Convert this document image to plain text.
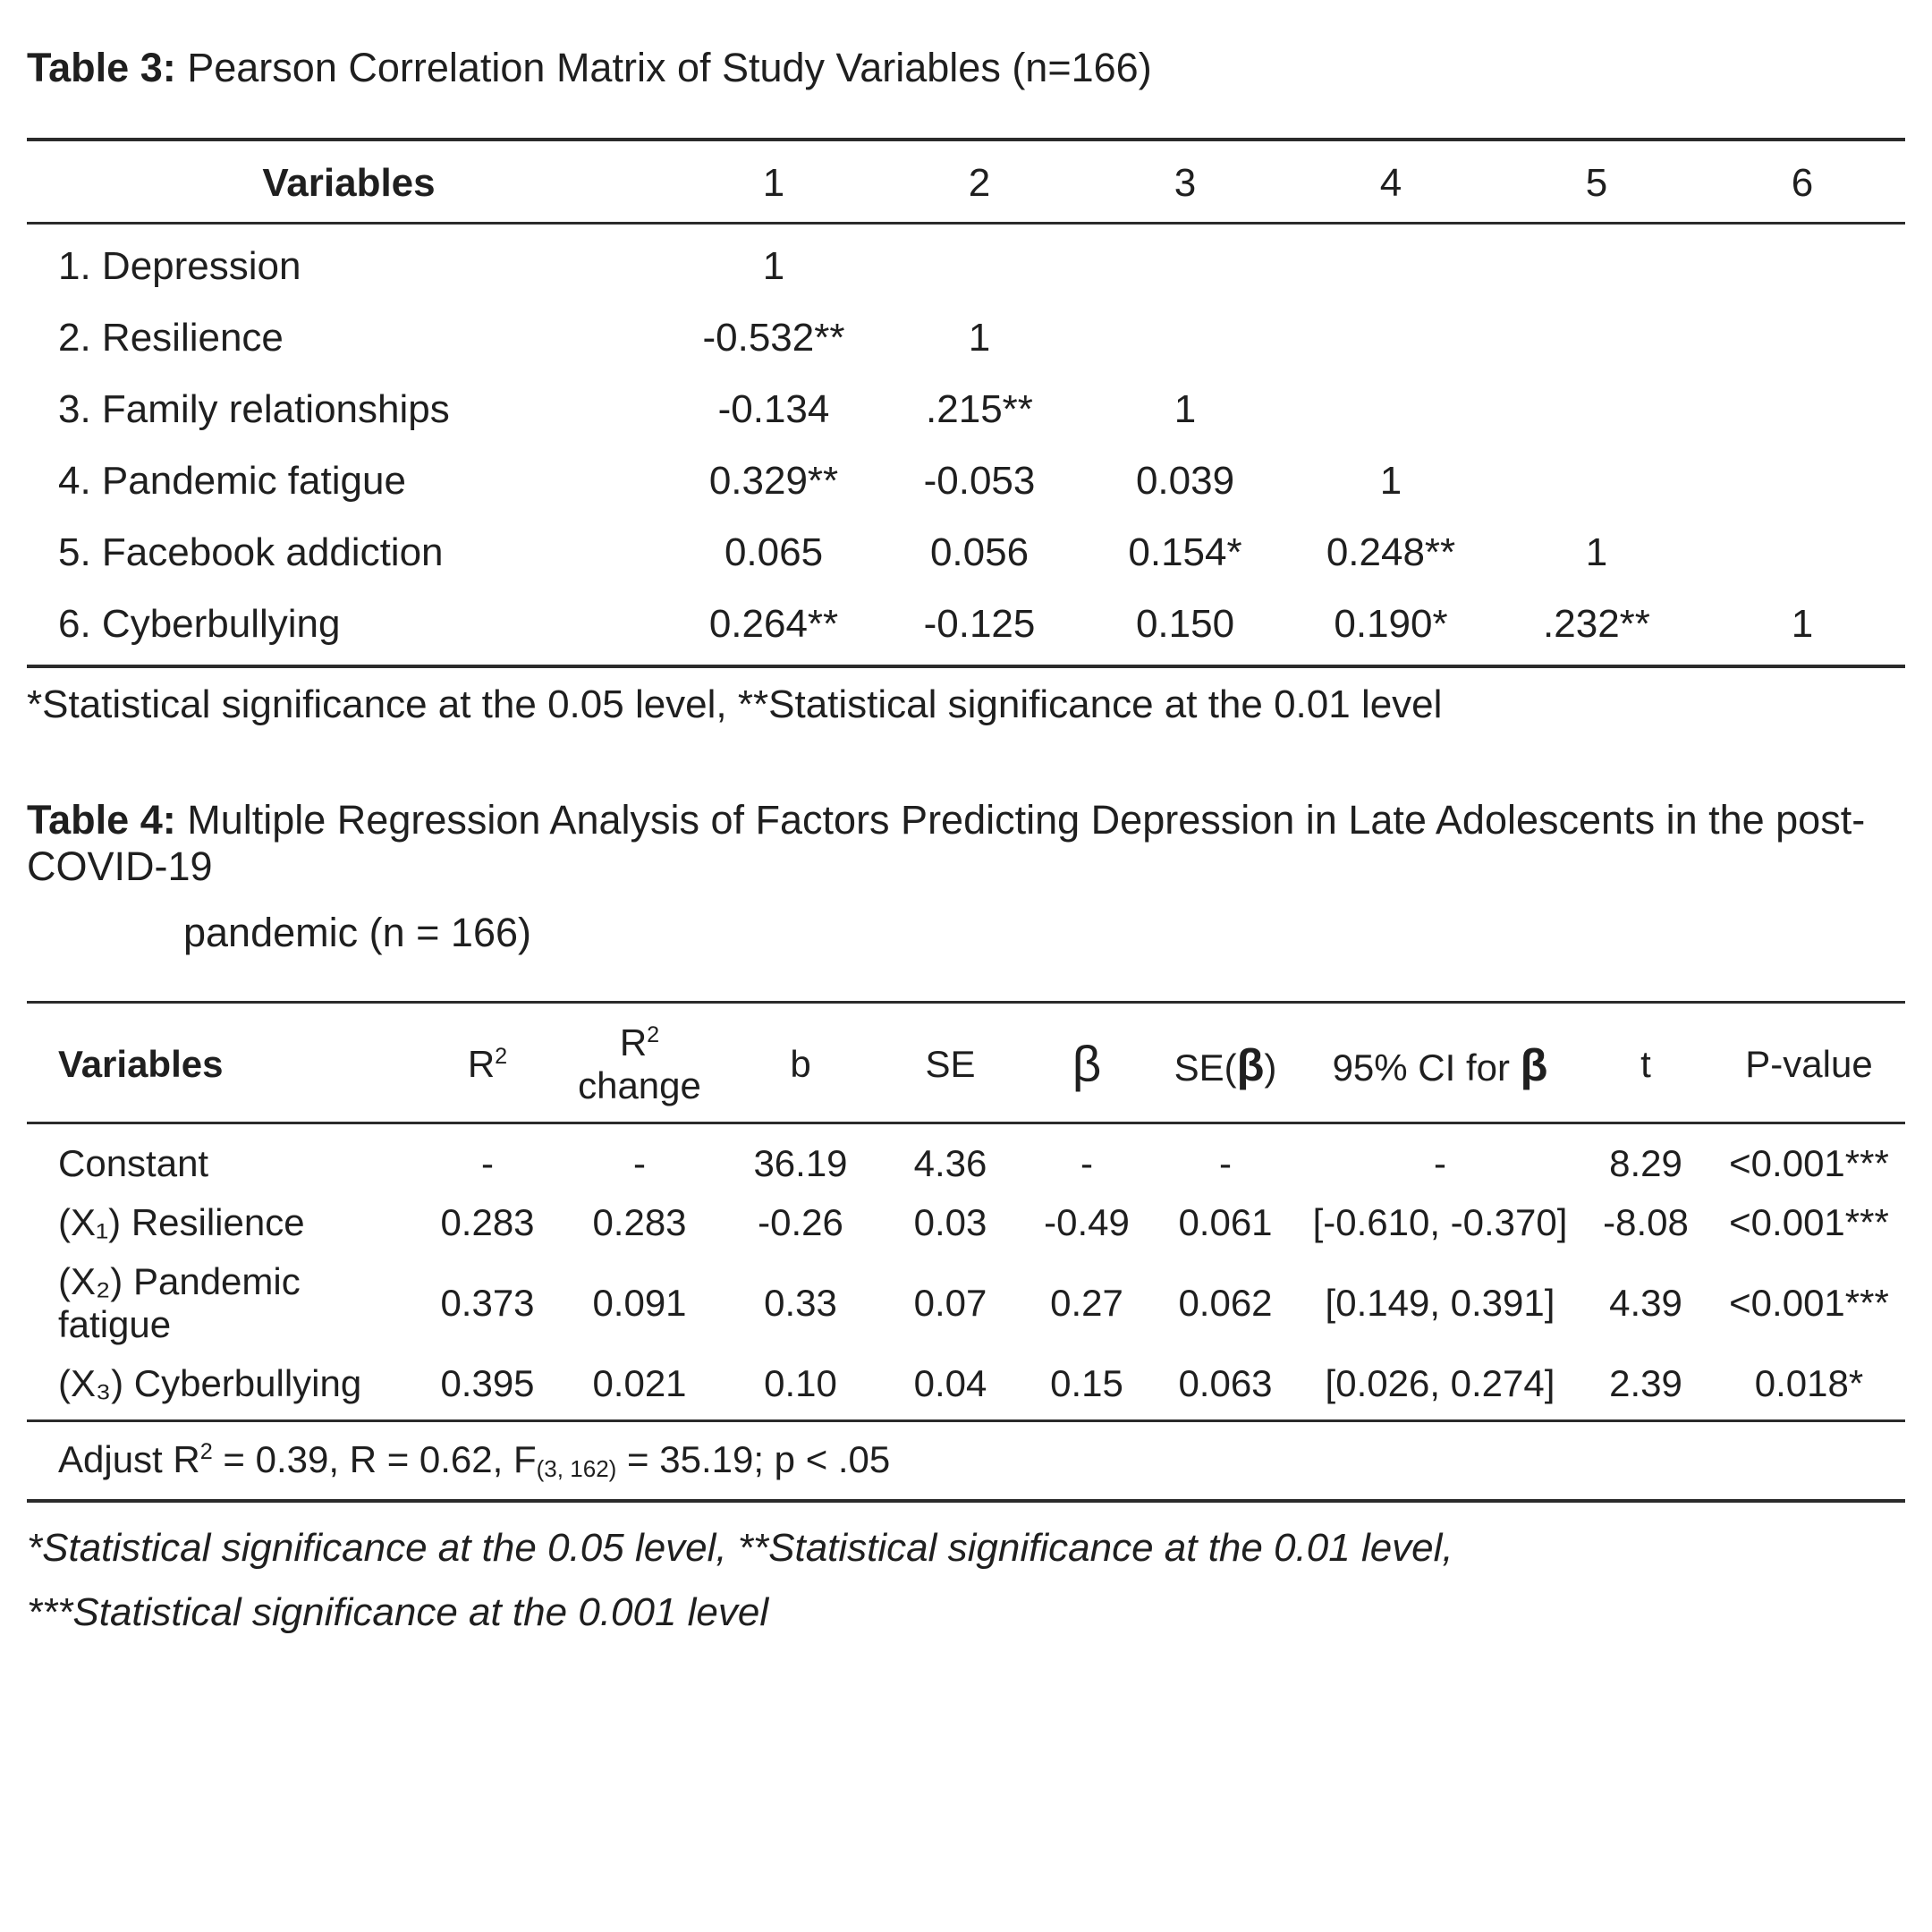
Table 3: Pearson Correlation Matrix of Study Variables (n=166)

Variables	1	2	3	4	5	6
1. Depression	1					
2. Resilience	-0.532**	1				
3. Family relationships	-0.134	.215**	1			
4. Pandemic fatigue	0.329**	-0.053	0.039	1		
5. Facebook addiction	0.065	0.056	0.154*	0.248**	1	
6. Cyberbullying	0.264**	-0.125	0.150	0.190*	.232**	1

*Statistical significance at the 0.05 level, **Statistical significance at the 0.01 level

Table 4: Multiple Regression Analysis of Factors Predicting Depression in Late Adolescents in the post-COVID-19
pandemic (n = 166)

Variables	$R^2$	$R^2$ change	b	SE	β	SE(β)	95% CI for β	t	P-value
Constant	-	-	36.19	4.36	-	-	-	8.29	<0.001***
(X₁) Resilience	0.283	0.283	-0.26	0.03	-0.49	0.061	[-0.610, -0.370]	-8.08	<0.001***
(X₂) Pandemic fatigue	0.373	0.091	0.33	0.07	0.27	0.062	[0.149, 0.391]	4.39	<0.001***
(X₃) Cyberbullying	0.395	0.021	0.10	0.04	0.15	0.063	[0.026, 0.274]	2.39	0.018*
Adjust $R^2 = 0.39$, R = 0.62, $F_{(3, 162)} = 35.19$; p < .05									

*Statistical significance at the 0.05 level, **Statistical significance at the 0.01 level,

***Statistical significance at the 0.001 level
